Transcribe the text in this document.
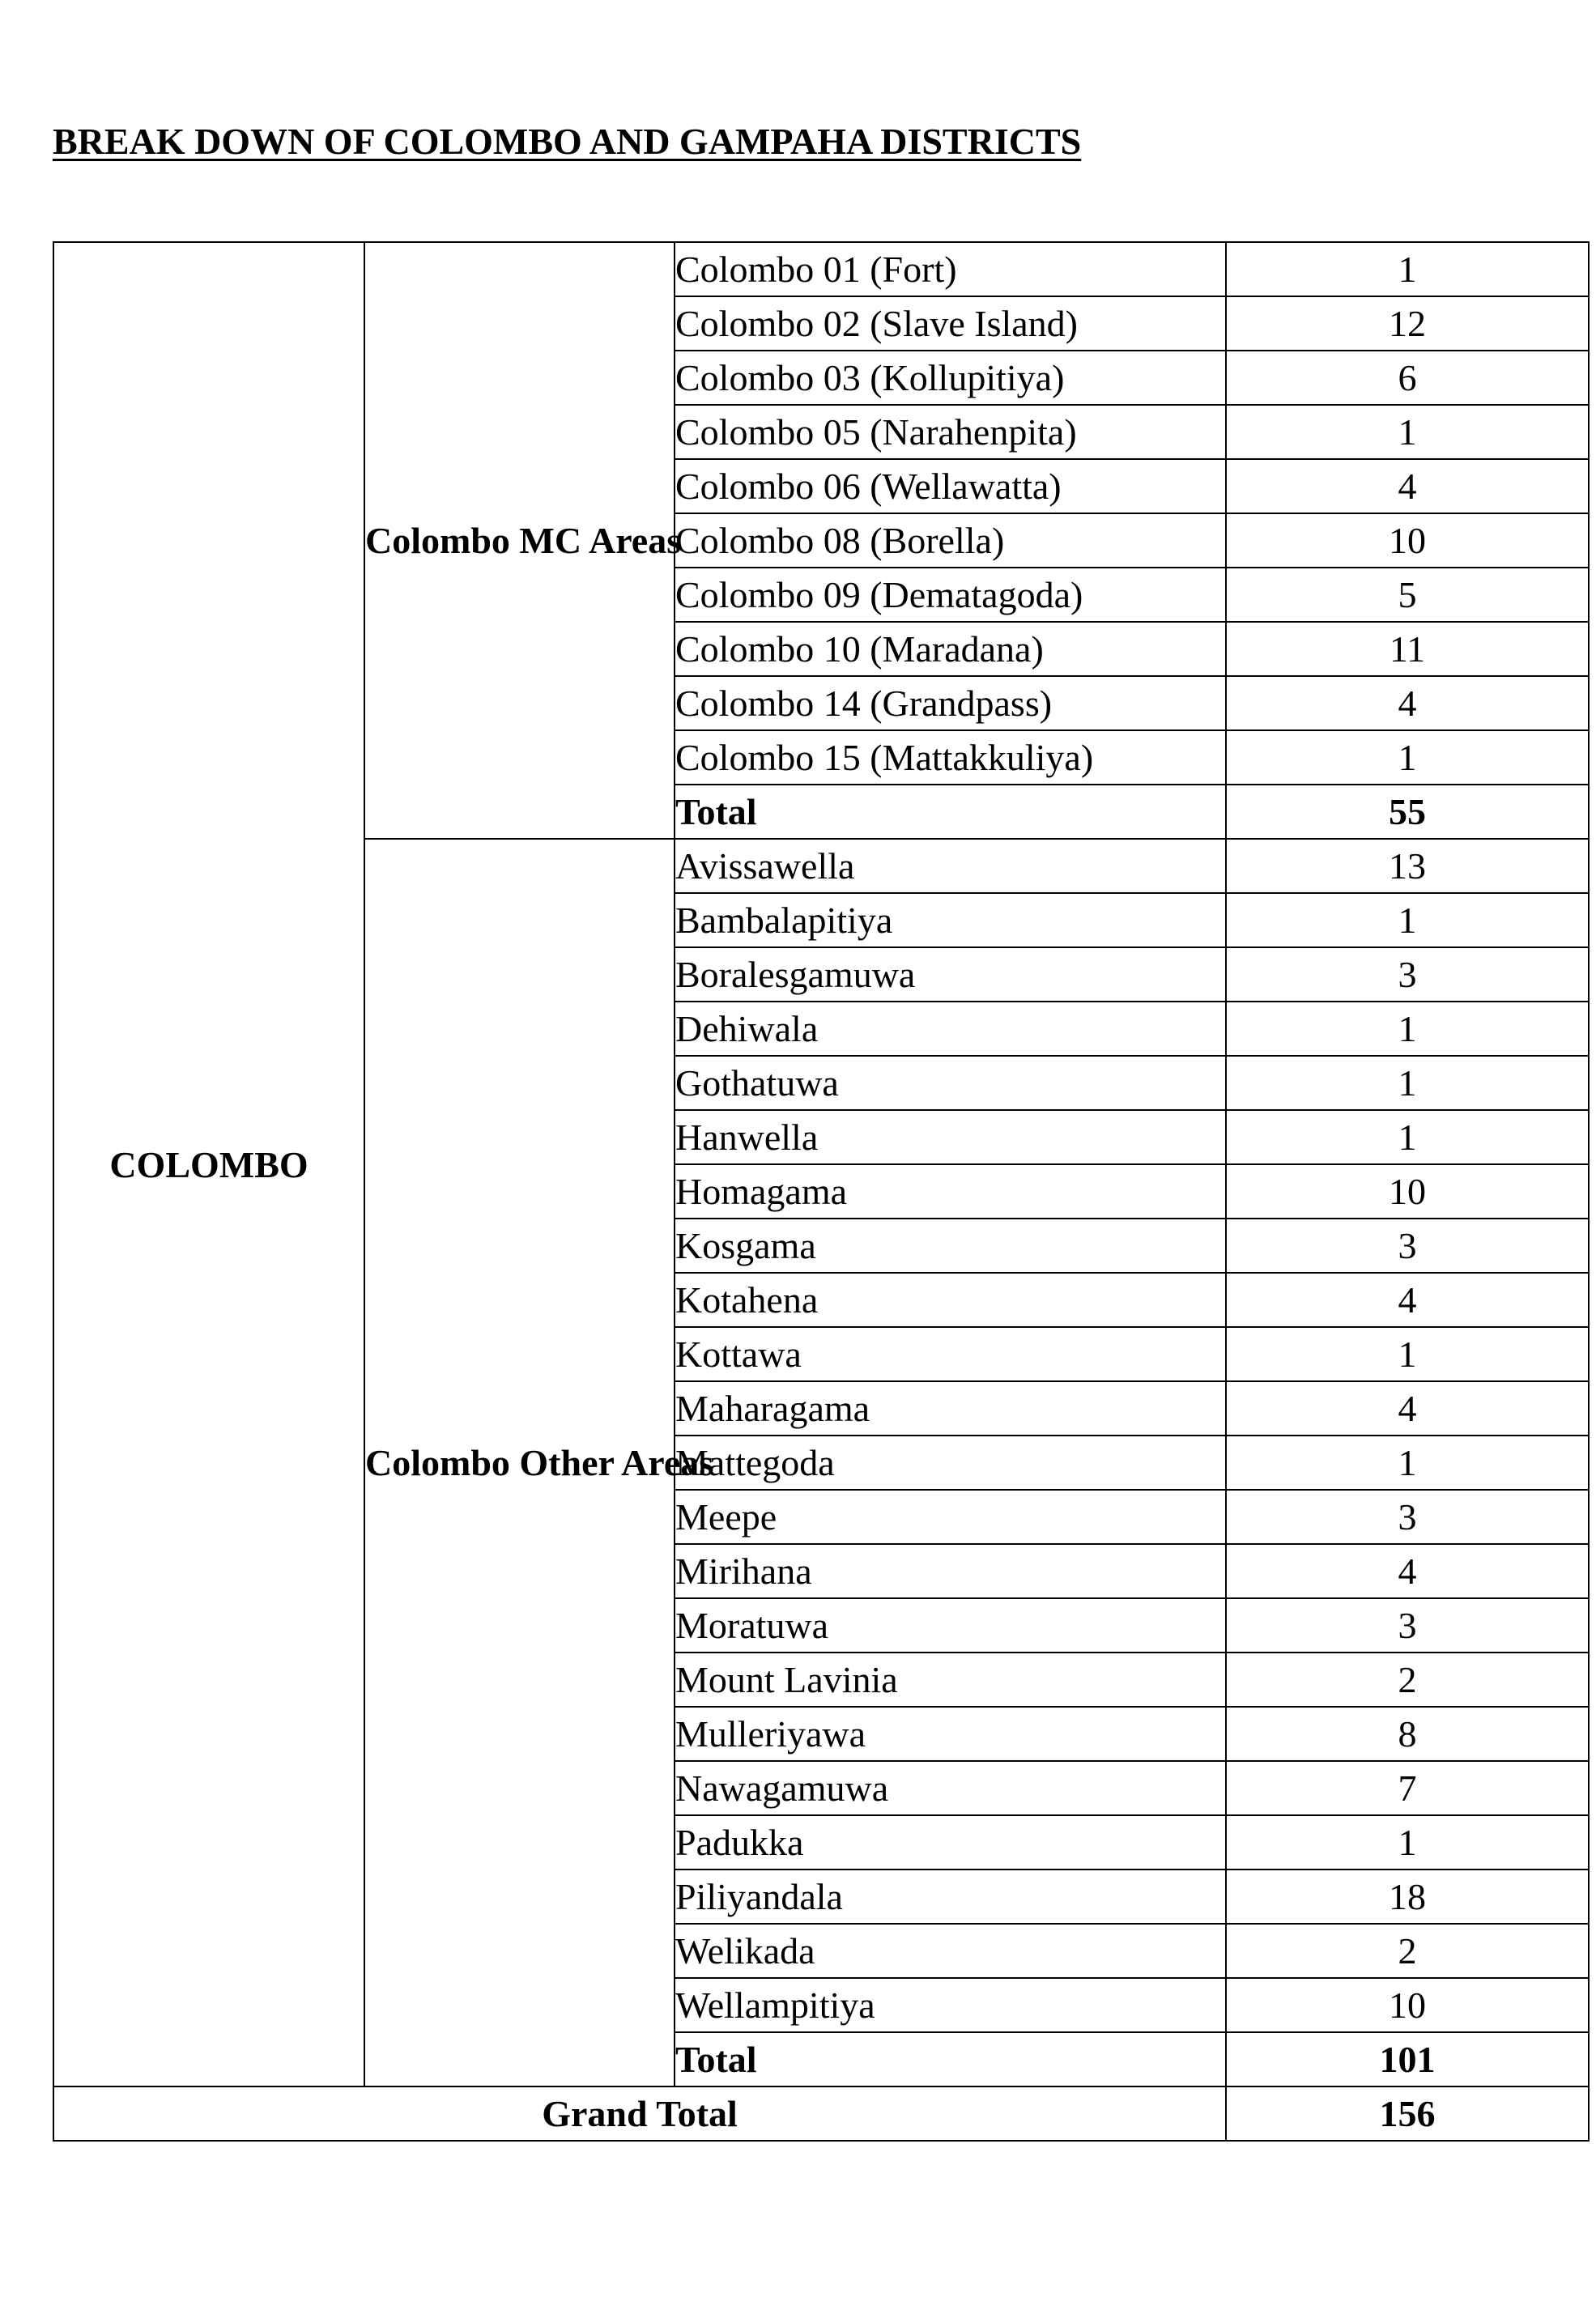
BREAK DOWN OF COLOMBO AND GAMPAHA DISTRICTS
COLOMBO	Colombo MC Areas	Colombo 01 (Fort)	1
		Colombo 02 (Slave Island)	12
		Colombo 03 (Kollupitiya)	6
		Colombo 05 (Narahenpita)	1
		Colombo 06 (Wellawatta)	4
		Colombo 08 (Borella)	10
		Colombo 09 (Dematagoda)	5
		Colombo 10 (Maradana)	11
		Colombo 14 (Grandpass)	4
		Colombo 15 (Mattakkuliya)	1
		Total	55
	Colombo Other Areas	Avissawella	13
		Bambalapitiya	1
		Boralesgamuwa	3
		Dehiwala	1
		Gothatuwa	1
		Hanwella	1
		Homagama	10
		Kosgama	3
		Kotahena	4
		Kottawa	1
		Maharagama	4
		Mattegoda	1
		Meepe	3
		Mirihana	4
		Moratuwa	3
		Mount Lavinia	2
		Mulleriyawa	8
		Nawagamuwa	7
		Padukka	1
		Piliyandala	18
		Welikada	2
		Wellampitiya	10
		Total	101
Grand Total			156
